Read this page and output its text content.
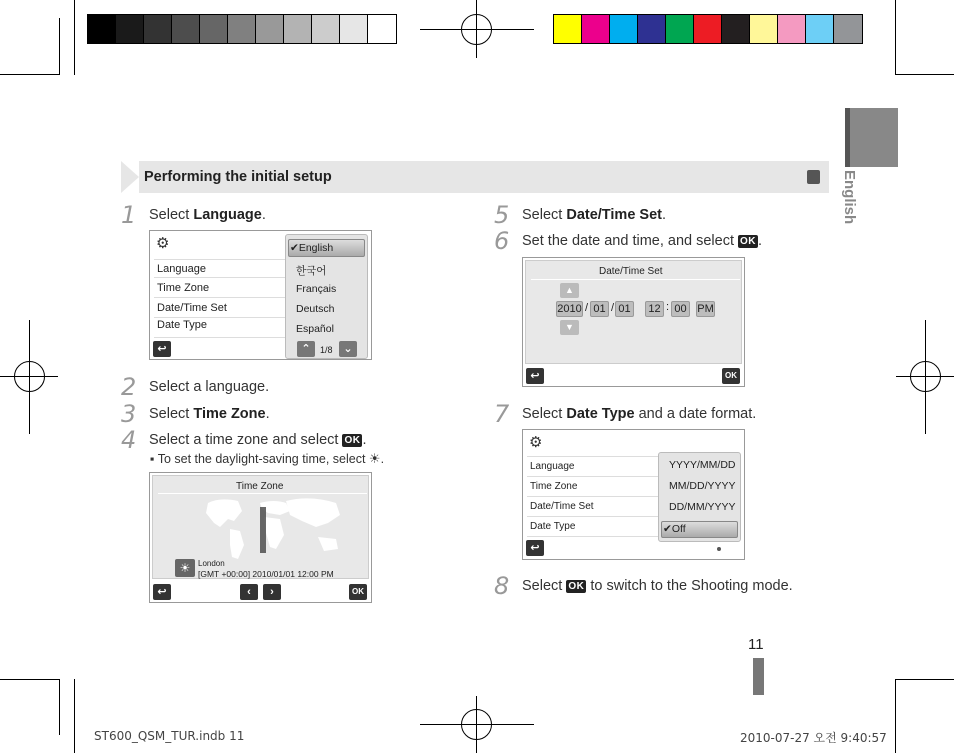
Performing the initial setup	English
1 Select Language.
2 Select a language.
3 Select Time Zone.
4 Select a time zone and select OK .
▪ To set the daylight-saving time, select ☀.
⚙
Language
Time Zone
Date/Time Set
Date Type
✔English
한국어
Français
Deutsch
Español
⌃	1/8 ⌄
↩
Time Zone
☀ London
[GMT +00:00] 2010/01/01 12:00 PM
↩	‹	›	OK
5 Select Date/Time Set.
6 Set the date and time, and select OK .
Date/Time Set
▲
2010 / 01 / 01	12 : 00 PM
▼
↩	OK
7 Select Date Type and a date format.
⚙
Language
Time Zone
Date/Time Set
Date Type
YYYY/MM/DD
MM/DD/YYYY
DD/MM/YYYY
✔Off
↩
8 Select OK to switch to the Shooting mode.
11
ST600_QSM_TUR.indb 11	2010-07-27 오전 9:40:57
